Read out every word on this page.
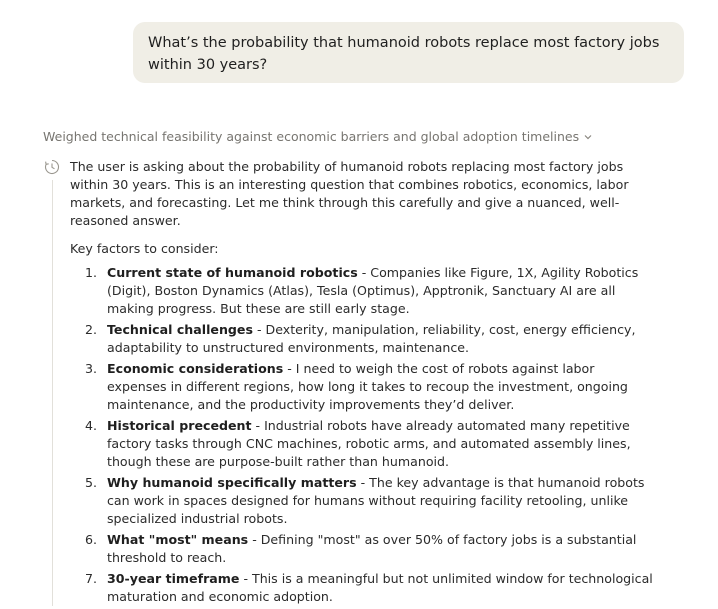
What’s the probability that humanoid robots replace most factory jobs within 30 years?
Weighed technical feasibility against economic barriers and global adoption timelines

The user is asking about the probability of humanoid robots replacing most factory jobs within 30 years. This is an interesting question that combines robotics, economics, labor markets, and forecasting. Let me think through this carefully and give a nuanced, well-reasoned answer.

Key factors to consider:

1. Current state of humanoid robotics - Companies like Figure, 1X, Agility Robotics (Digit), Boston Dynamics (Atlas), Tesla (Optimus), Apptronik, Sanctuary AI are all making progress. But these are still early stage.
2. Technical challenges - Dexterity, manipulation, reliability, cost, energy efficiency, adaptability to unstructured environments, maintenance.
3. Economic considerations - I need to weigh the cost of robots against labor expenses in different regions, how long it takes to recoup the investment, ongoing maintenance, and the productivity improvements they’d deliver.
4. Historical precedent - Industrial robots have already automated many repetitive factory tasks through CNC machines, robotic arms, and automated assembly lines, though these are purpose-built rather than humanoid.
5. Why humanoid specifically matters - The key advantage is that humanoid robots can work in spaces designed for humans without requiring facility retooling, unlike specialized industrial robots.
6. What "most" means - Defining "most" as over 50% of factory jobs is a substantial threshold to reach.
7. 30-year timeframe - This is a meaningful but not unlimited window for technological maturation and economic adoption.
